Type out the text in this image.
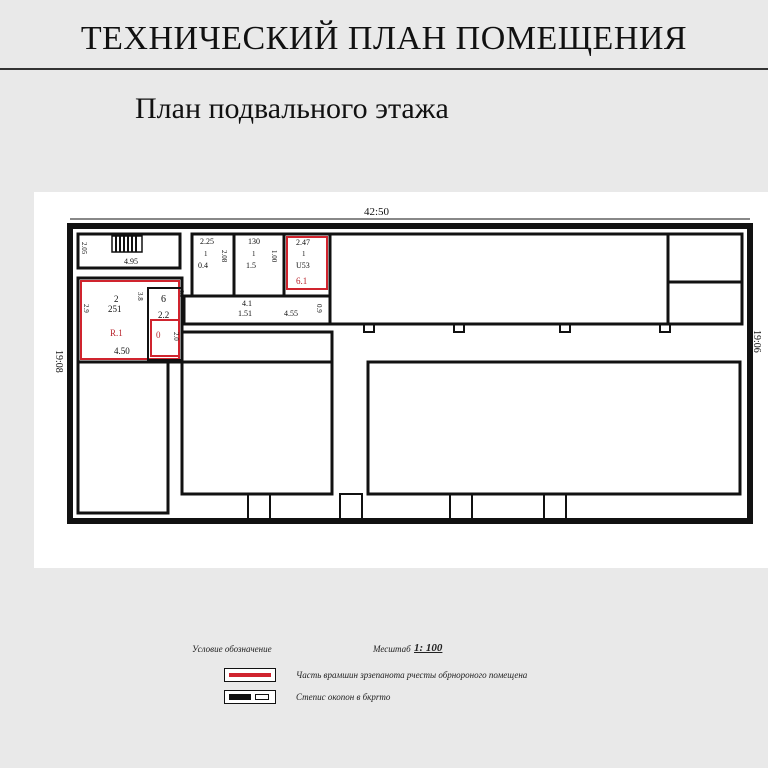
ТЕХНИЧЕСКИЙ ПЛАН ПОМЕЩЕНИЯ
План подвального этажа
42:50
19:08
19:06
2.05
4.95
2
251
2.9
3.8
R.1
4.50
6
2.2
0 2.0
0.5
2.25
1
0.4
2.08
130
1
1.5
1.00
2.47
1
U53
6.1
4.1
1.51	4.55
0.9
Условие обозначение	Месштаб 1: 100
Часть врамшин зрзепанота рчесты обрнороного помещенa
Степис окопон в бкрrто
